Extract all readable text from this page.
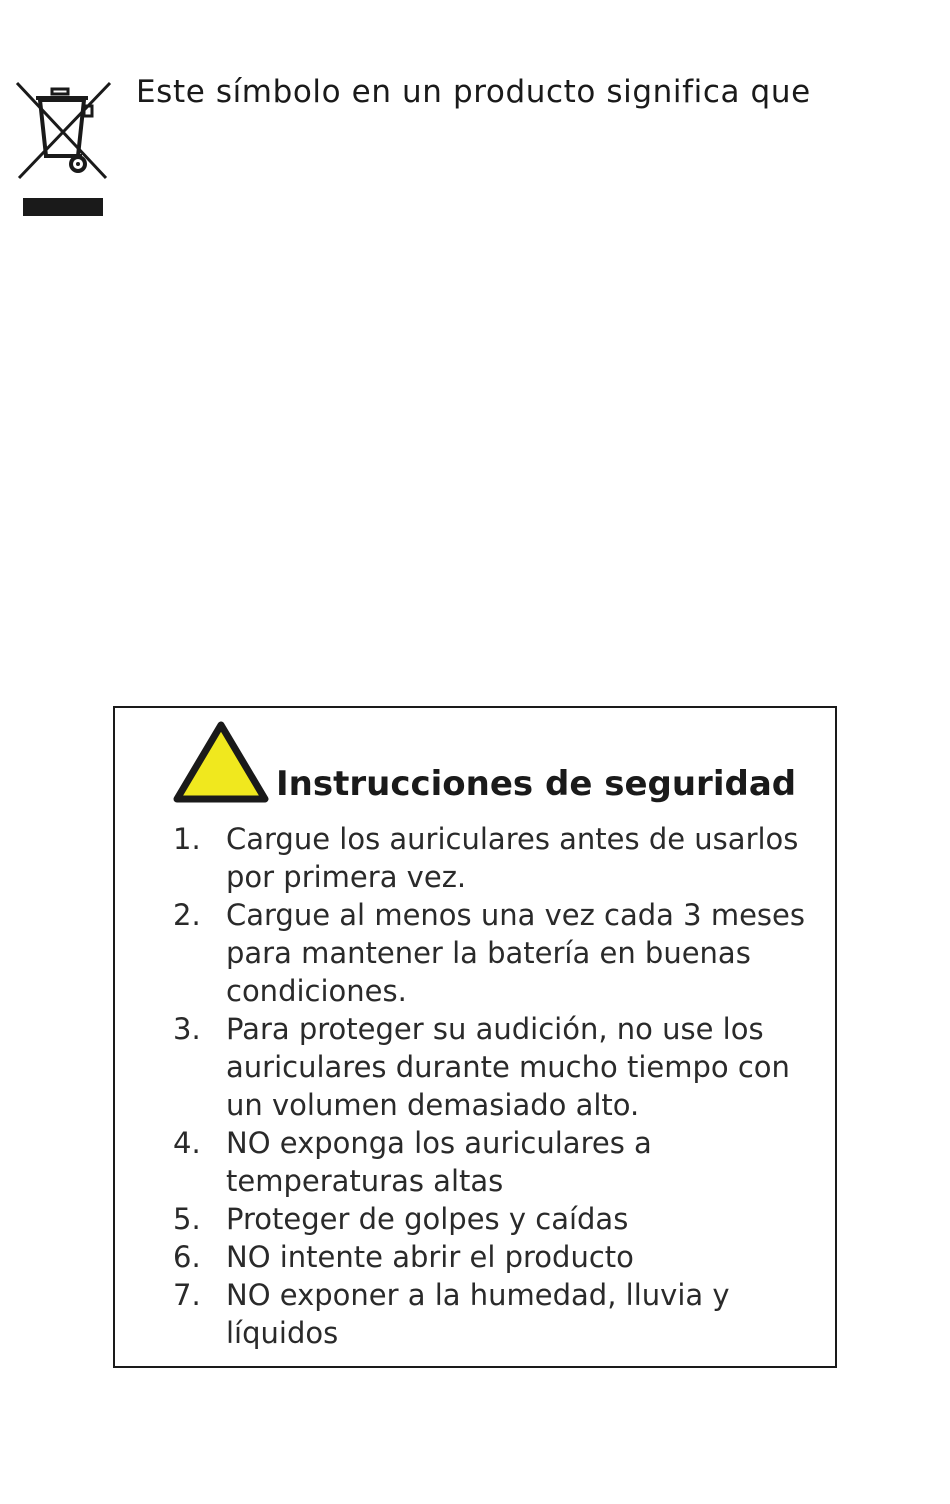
Este símbolo en un producto significa que
Instrucciones de seguridad
1. Cargue los auriculares antes de usarlos por primera vez.
2. Cargue al menos una vez cada 3 meses para mantener la batería en buenas condiciones.
3. Para proteger su audición, no use los auriculares durante mucho tiempo con un volumen demasiado alto.
4. NO exponga los auriculares a temperaturas altas
5. Proteger de golpes y caídas
6. NO intente abrir el producto
7. NO exponer a la humedad, lluvia y líquidos
